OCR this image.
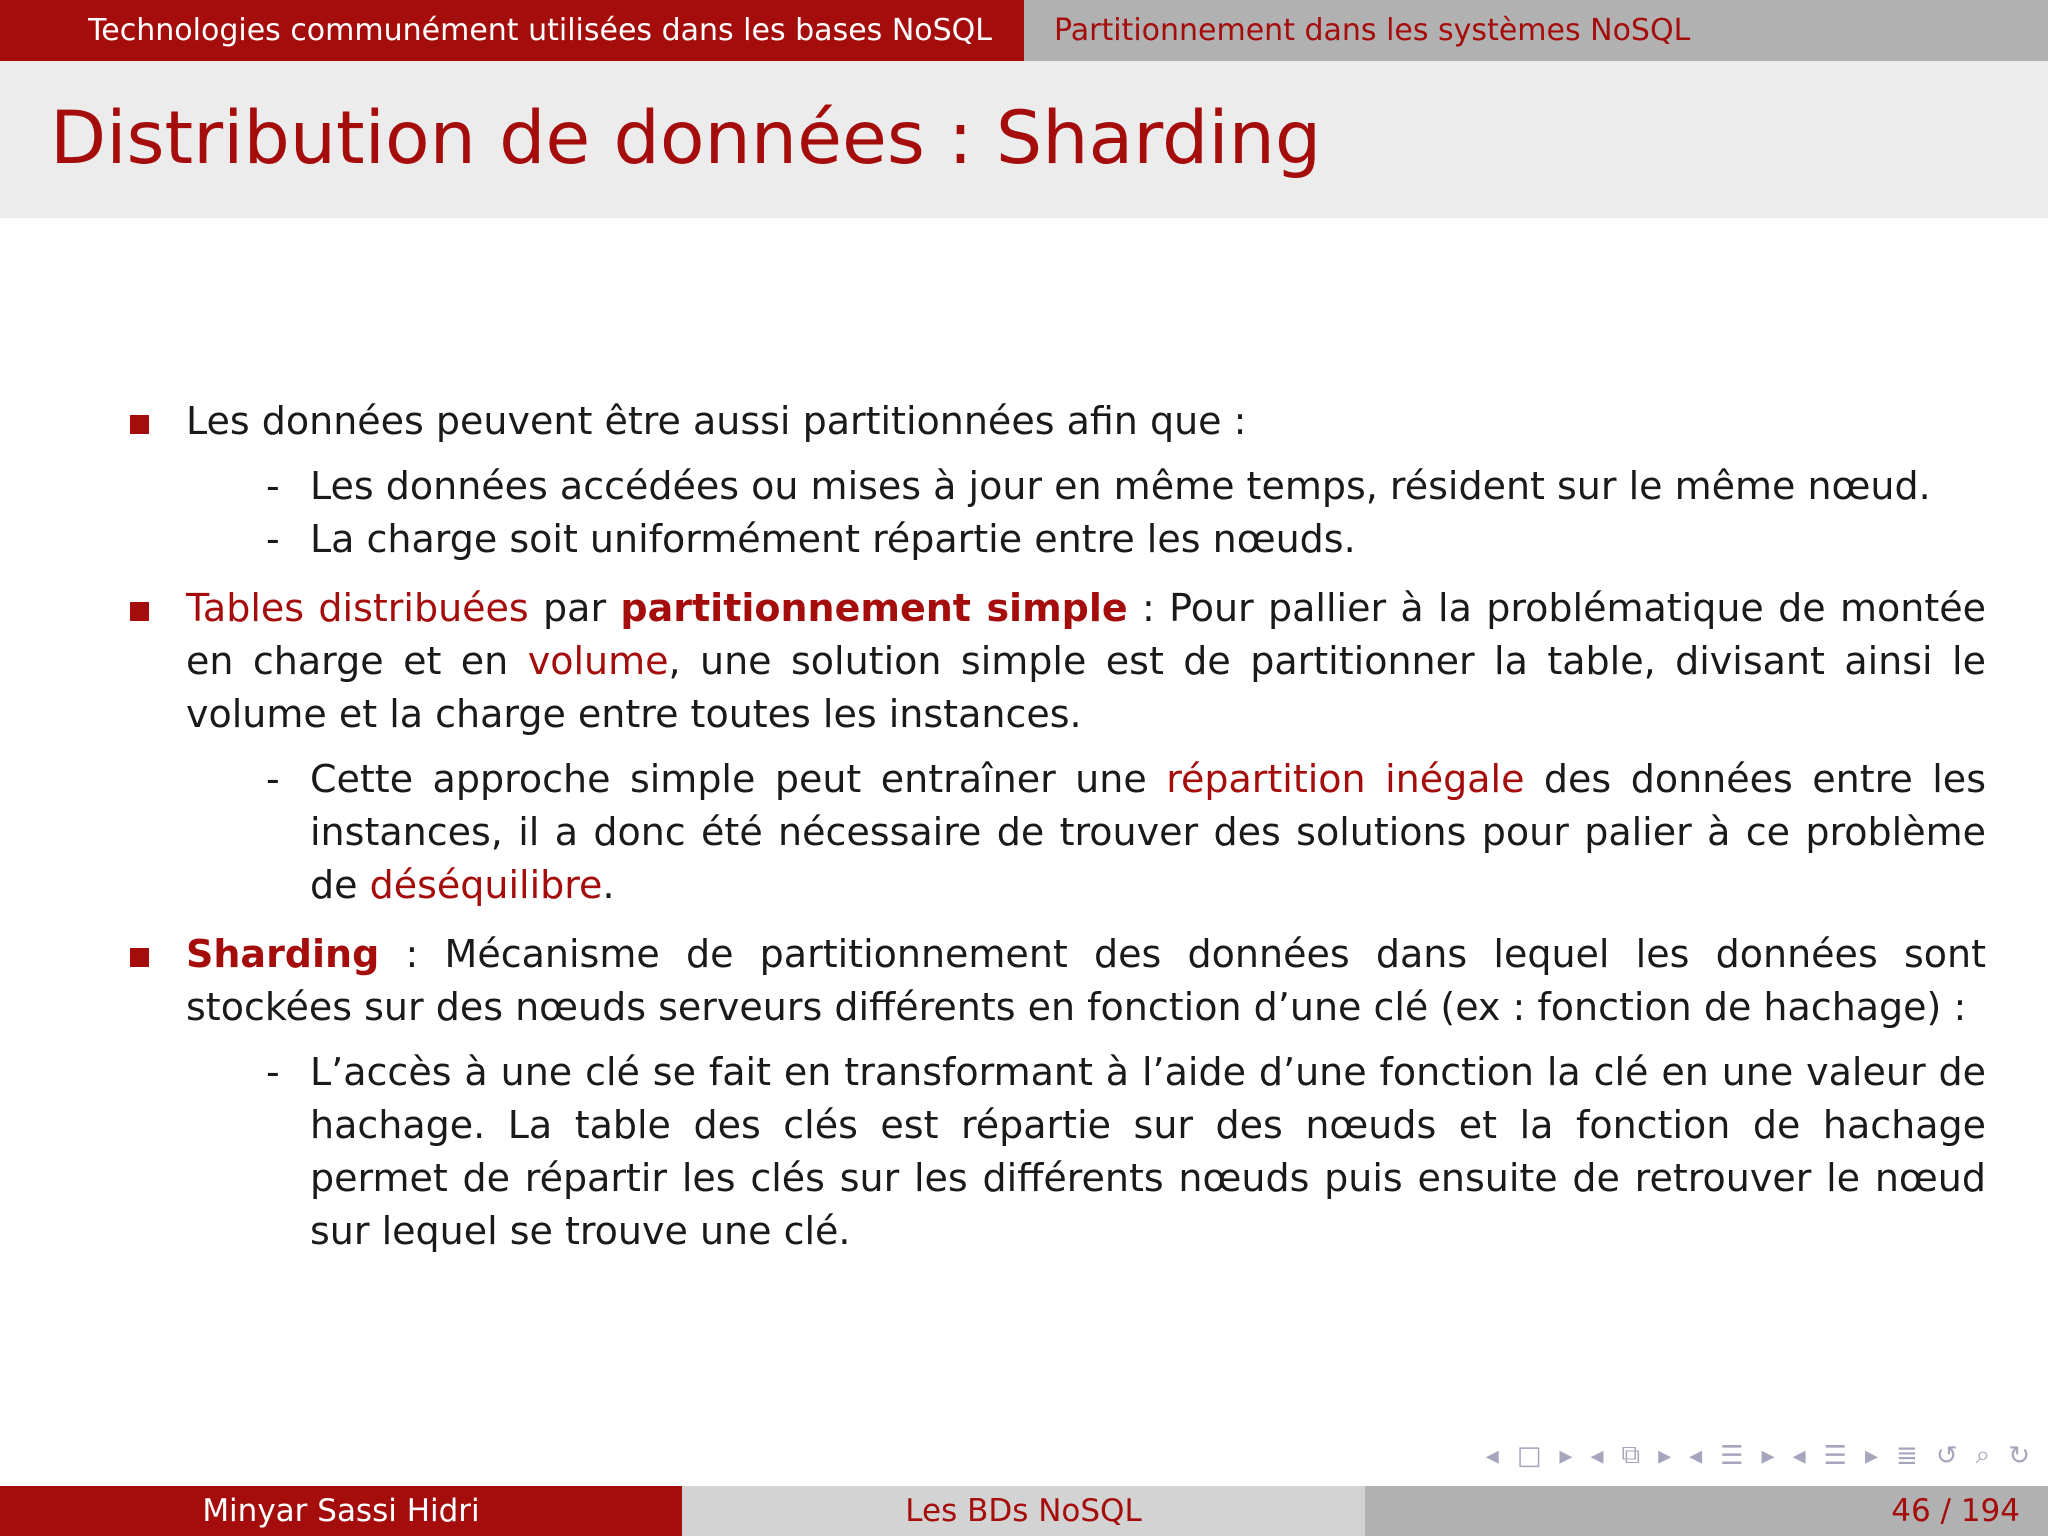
Technologies communément utilisées dans les bases NoSQL	Partitionnement dans les systèmes NoSQL
Distribution de données : Sharding
Les données peuvent être aussi partitionnées afin que :
- Les données accédées ou mises à jour en même temps, résident sur le même nœud.
- La charge soit uniformément répartie entre les nœuds.
Tables distribuées par partitionnement simple : Pour pallier à la problématique de montée en charge et en volume, une solution simple est de partitionner la table, divisant ainsi le volume et la charge entre toutes les instances.
- Cette approche simple peut entraîner une répartition inégale des données entre les instances, il a donc été nécessaire de trouver des solutions pour palier à ce problème de déséquilibre.
Sharding : Mécanisme de partitionnement des données dans lequel les données sont stockées sur des nœuds serveurs différents en fonction d’une clé (ex : fonction de hachage) :
- L’accès à une clé se fait en transformant à l’aide d’une fonction la clé en une valeur de hachage. La table des clés est répartie sur des nœuds et la fonction de hachage permet de répartir les clés sur les différents nœuds puis ensuite de retrouver le nœud sur lequel se trouve une clé.
◂ □ ▸ ◂ ⧉ ▸ ◂ ☰ ▸ ◂ ☰ ▸ ≣ ↺ ⌕ ↻
Minyar Sassi Hidri	Les BDs NoSQL	46 / 194
